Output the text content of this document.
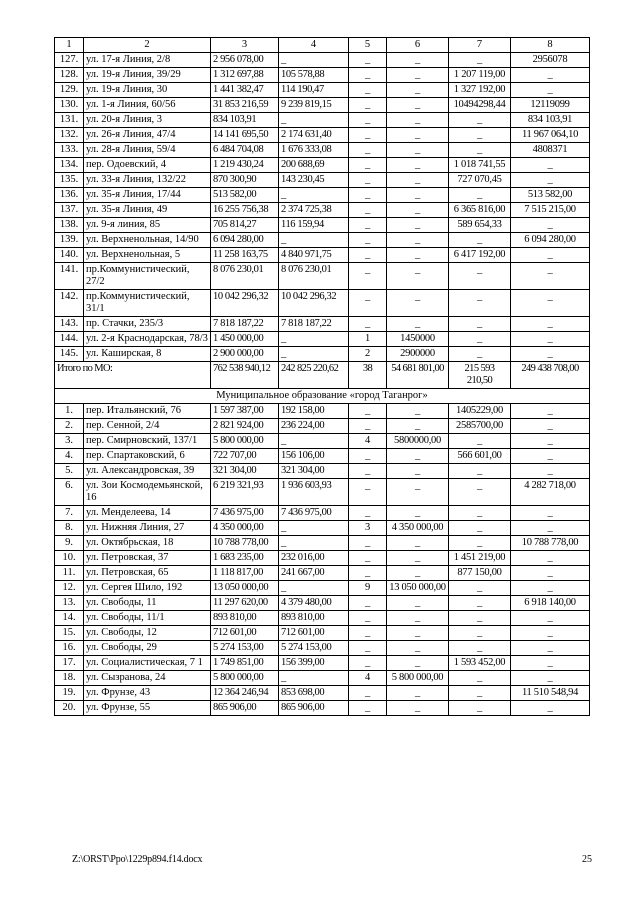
1	2	3	4	5	6	7	8
127.	ул. 17-я Линия, 2/8	2 956 078,00	_	_	_	_	2956078
128.	ул. 19-я Линия, 39/29	1 312 697,88	105 578,88	_	_	1 207 119,00	_
129.	ул. 19-я Линия, 30	1 441 382,47	114 190,47	_	_	1 327 192,00	_
130.	ул. 1-я Линия, 60/56	31 853 216,59	9 239 819,15	_	_	10494298,44	12119099
131.	ул. 20-я Линия, 3	834 103,91	_	_	_	_	834 103,91
132.	ул. 26-я Линия, 47/4	14 141 695,50	2 174 631,40	_	_	_	11 967 064,10
133.	ул. 28-я Линия, 59/4	6 484 704,08	1 676 333,08	_	_	_	4808371
134.	пер. Одоевский, 4	1 219 430,24	200 688,69	_	_	1 018 741,55	_
135.	ул. 33-я Линия, 132/22	870 300,90	143 230,45	_	_	727 070,45	_
136.	ул. 35-я Линия, 17/44	513 582,00	_	_	_	_	513 582,00
137.	ул. 35-я Линия, 49	16 255 756,38	2 374 725,38	_	_	6 365 816,00	7 515 215,00
138.	ул. 9-я линия, 85	705 814,27	116 159,94	_	_	589 654,33	_
139.	ул. Верхненольная, 14/90	6 094 280,00	_	_	_	_	6 094 280,00
140.	ул. Верхненольная, 5	11 258 163,75	4 840 971,75	_	_	6 417 192,00	_
141.	пр.Коммунистический, 27/2	8 076 230,01	8 076 230,01	_	_	_	_
142.	пр.Коммунистический, 31/1	10 042 296,32	10 042 296,32	_	_	_	_
143.	пр. Стачки, 235/3	7 818 187,22	7 818 187,22	_	_	_	_
144.	ул. 2-я Краснодарская, 78/3	1 450 000,00	_	1	1450000	_	_
145.	ул. Каширская, 8	2 900 000,00	_	2	2900000	_	_
Итого по МО:		762 538 940,12	242 825 220,62	38	54 681 801,00	215 593 210,50	249 438 708,00
Муниципальное образование «город Таганрог»							
1.	пер. Итальянский, 76	1 597 387,00	192 158,00	_	_	1405229,00	_
2.	пер. Сенной, 2/4	2 821 924,00	236 224,00	_	_	2585700,00	_
3.	пер. Смирновский, 137/1	5 800 000,00	_	4	5800000,00	_	_
4.	пер. Спартаковский, 6	722 707,00	156 106,00	_	_	566 601,00	_
5.	ул. Александровская, 39	321 304,00	321 304,00	_	_	_	_
6.	ул. Зои Космодемьянской, 16	6 219 321,93	1 936 603,93	_	_	_	4 282 718,00
7.	ул. Менделеева, 14	7 436 975,00	7 436 975,00	_	_	_	_
8.	ул. Нижняя Линия, 27	4 350 000,00	_	3	4 350 000,00	_	_
9.	ул. Октябрьская, 18	10 788 778,00	_	_	_	_	10 788 778,00
10.	ул. Петровская, 37	1 683 235,00	232 016,00	_	_	1 451 219,00	_
11.	ул. Петровская, 65	1 118 817,00	241 667,00	_	_	877 150,00	_
12.	ул. Сергея Шило, 192	13 050 000,00	_	9	13 050 000,00	_	_
13.	ул. Свободы, 11	11 297 620,00	4 379 480,00	_	_	_	6 918 140,00
14.	ул. Свободы, 11/1	893 810,00	893 810,00	_	_	_	_
15.	ул. Свободы, 12	712 601,00	712 601,00	_	_	_	_
16.	ул. Свободы, 29	5 274 153,00	5 274 153,00	_	_	_	_
17.	ул. Социалистическая, 7 1	1 749 851,00	156 399,00	_	_	1 593 452,00	_
18.	ул. Сызранова, 24	5 800 000,00	_	4	5 800 000,00	_	_
19.	ул. Фрунзе, 43	12 364 246,94	853 698,00	_	_	_	11 510 548,94
20.	ул. Фрунзе, 55	865 906,00	865 906,00	_	_	_	_
Z:\ORST\Ppo\1229p894.f14.docx	25
